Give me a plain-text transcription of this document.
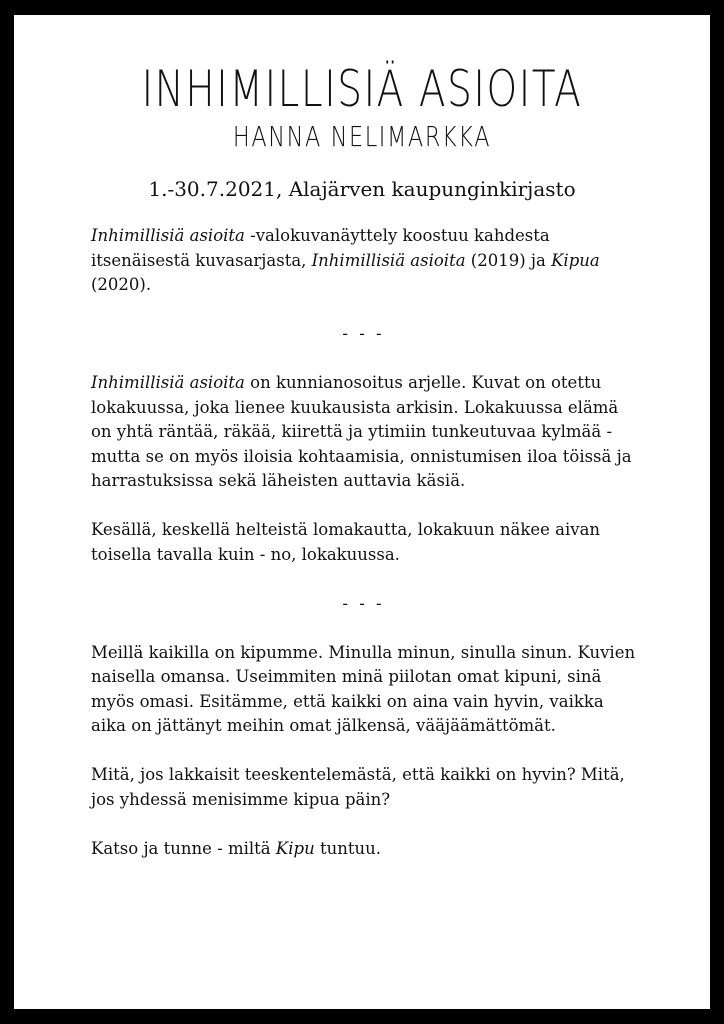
INHIMILLISIÄ ASIOITA
HANNA NELIMARKKA
1.-30.7.2021, Alajärven kaupunginkirjasto

Inhimillisiä asioita -valokuvanäyttely koostuu kahdesta itsenäisestä kuvasarjasta, Inhimillisiä asioita (2019) ja Kipua (2020).

- - -

Inhimillisiä asioita on kunnianosoitus arjelle. Kuvat on otettu lokakuussa, joka lienee kuukausista arkisin. Lokakuussa elämä on yhtä räntää, räkää, kiirettä ja ytimiin tunkeutuvaa kylmää - mutta se on myös iloisia kohtaamisia, onnistumisen iloa töissä ja harrastuksissa sekä läheisten auttavia käsiä.

Kesällä, keskellä helteistä lomakautta, lokakuun näkee aivan toisella tavalla kuin - no, lokakuussa.

- - -

Meillä kaikilla on kipumme. Minulla minun, sinulla sinun. Kuvien naisella omansa. Useimmiten minä piilotan omat kipuni, sinä myös omasi. Esitämme, että kaikki on aina vain hyvin, vaikka aika on jättänyt meihin omat jälkensä, vääjäämättömät.

Mitä, jos lakkaisit teeskentelemästä, että kaikki on hyvin? Mitä, jos yhdessä menisimme kipua päin?

Katso ja tunne - miltä Kipu tuntuu.
